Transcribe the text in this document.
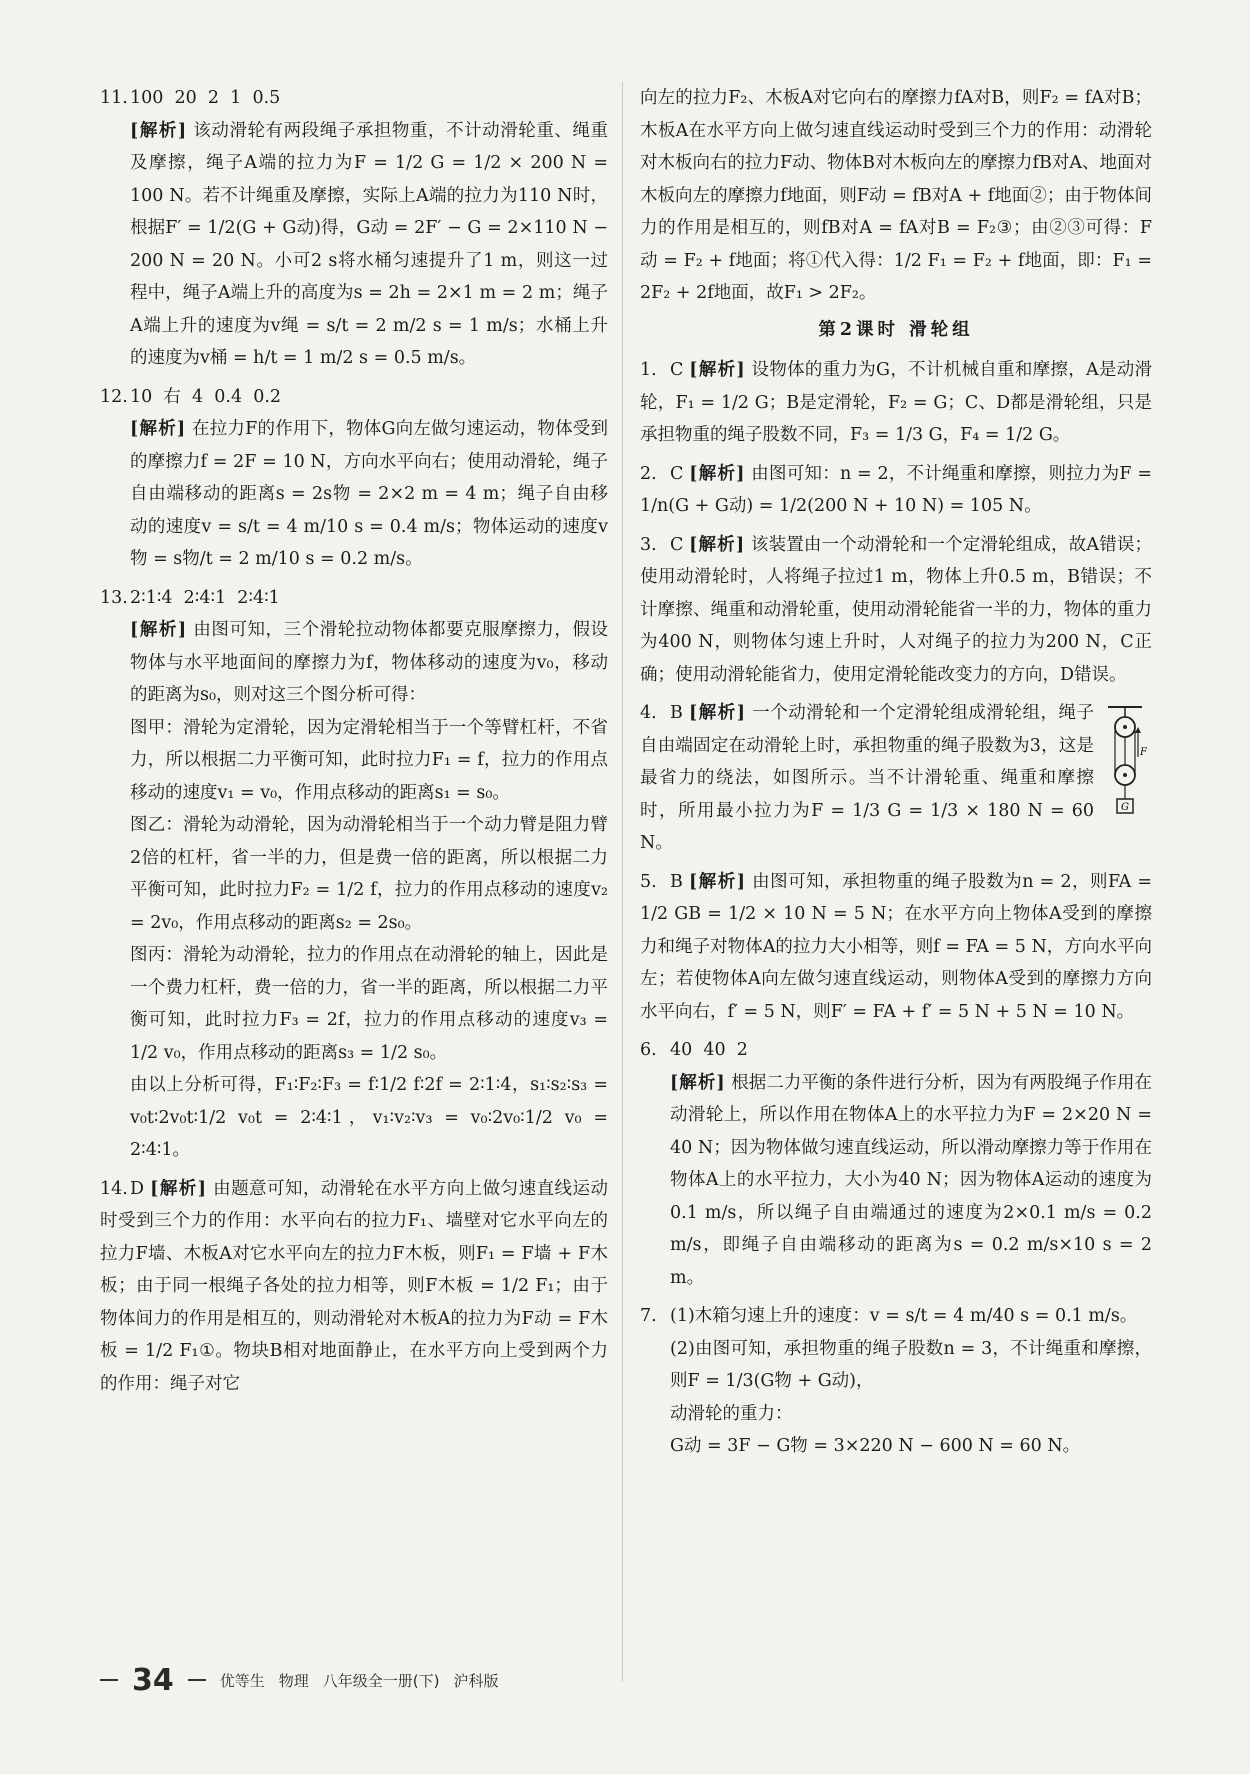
11. 100  20  2  1  0.5
[解析] 该动滑轮有两段绳子承担物重，不计动滑轮重、绳重及摩擦，绳子A端的拉力为F = 1/2 G = 1/2 × 200 N = 100 N。若不计绳重及摩擦，实际上A端的拉力为110 N时，根据F′ = 1/2(G + G动)得，G动 = 2F′ − G = 2×110 N − 200 N = 20 N。小可2 s将水桶匀速提升了1 m，则这一过程中，绳子A端上升的高度为s = 2h = 2×1 m = 2 m；绳子A端上升的速度为v绳 = s/t = 2 m/2 s = 1 m/s；水桶上升的速度为v桶 = h/t = 1 m/2 s = 0.5 m/s。
12. 10  右  4  0.4  0.2
[解析] 在拉力F的作用下，物体G向左做匀速运动，物体受到的摩擦力f = 2F = 10 N，方向水平向右；使用动滑轮，绳子自由端移动的距离s = 2s物 = 2×2 m = 4 m；绳子自由移动的速度v = s/t = 4 m/10 s = 0.4 m/s；物体运动的速度v物 = s物/t = 2 m/10 s = 0.2 m/s。
13. 2∶1∶4  2∶4∶1  2∶4∶1
[解析] 由图可知，三个滑轮拉动物体都要克服摩擦力，假设物体与水平地面间的摩擦力为f，物体移动的速度为v₀，移动的距离为s₀，则对这三个图分析可得：
图甲：滑轮为定滑轮，因为定滑轮相当于一个等臂杠杆，不省力，所以根据二力平衡可知，此时拉力F₁ = f，拉力的作用点移动的速度v₁ = v₀，作用点移动的距离s₁ = s₀。
图乙：滑轮为动滑轮，因为动滑轮相当于一个动力臂是阻力臂2倍的杠杆，省一半的力，但是费一倍的距离，所以根据二力平衡可知，此时拉力F₂ = 1/2 f，拉力的作用点移动的速度v₂ = 2v₀，作用点移动的距离s₂ = 2s₀。
图丙：滑轮为动滑轮，拉力的作用点在动滑轮的轴上，因此是一个费力杠杆，费一倍的力，省一半的距离，所以根据二力平衡可知，此时拉力F₃ = 2f，拉力的作用点移动的速度v₃ = 1/2 v₀，作用点移动的距离s₃ = 1/2 s₀。
由以上分析可得，F₁∶F₂∶F₃ = f∶1/2 f∶2f = 2∶1∶4，s₁∶s₂∶s₃ = v₀t∶2v₀t∶1/2 v₀t = 2∶4∶1，v₁∶v₂∶v₃ = v₀∶2v₀∶1/2 v₀ = 2∶4∶1。
14. D [解析] 由题意可知，动滑轮在水平方向上做匀速直线运动时受到三个力的作用：水平向右的拉力F₁、墙壁对它水平向左的拉力F墙、木板A对它水平向左的拉力F木板，则F₁ = F墙 + F木板；由于同一根绳子各处的拉力相等，则F木板 = 1/2 F₁；由于物体间力的作用是相互的，则动滑轮对木板A的拉力为F动 = F木板 = 1/2 F₁①。物块B相对地面静止，在水平方向上受到两个力的作用：绳子对它
向左的拉力F₂、木板A对它向右的摩擦力fA对B，则F₂ = fA对B；木板A在水平方向上做匀速直线运动时受到三个力的作用：动滑轮对木板向右的拉力F动、物体B对木板向左的摩擦力fB对A、地面对木板向左的摩擦力f地面，则F动 = fB对A + f地面②；由于物体间力的作用是相互的，则fB对A = fA对B = F₂③；由②③可得：F动 = F₂ + f地面；将①代入得：1/2 F₁ = F₂ + f地面，即：F₁ = 2F₂ + 2f地面，故F₁ > 2F₂。
第2课时 滑轮组
1. C [解析] 设物体的重力为G，不计机械自重和摩擦，A是动滑轮，F₁ = 1/2 G；B是定滑轮，F₂ = G；C、D都是滑轮组，只是承担物重的绳子股数不同，F₃ = 1/3 G，F₄ = 1/2 G。
2. C [解析] 由图可知：n = 2，不计绳重和摩擦，则拉力为F = 1/n(G + G动) = 1/2(200 N + 10 N) = 105 N。
3. C [解析] 该装置由一个动滑轮和一个定滑轮组成，故A错误；使用动滑轮时，人将绳子拉过1 m，物体上升0.5 m，B错误；不计摩擦、绳重和动滑轮重，使用动滑轮能省一半的力，物体的重力为400 N，则物体匀速上升时，人对绳子的拉力为200 N，C正确；使用动滑轮能省力，使用定滑轮能改变力的方向，D错误。
F
G
4. B [解析] 一个动滑轮和一个定滑轮组成滑轮组，绳子自由端固定在动滑轮上时，承担物重的绳子股数为3，这是最省力的绕法，如图所示。当不计滑轮重、绳重和摩擦时，所用最小拉力为F = 1/3 G = 1/3 × 180 N = 60 N。
5. B [解析] 由图可知，承担物重的绳子股数为n = 2，则FA = 1/2 GB = 1/2 × 10 N = 5 N；在水平方向上物体A受到的摩擦力和绳子对物体A的拉力大小相等，则f = FA = 5 N，方向水平向左；若使物体A向左做匀速直线运动，则物体A受到的摩擦力方向水平向右，f′ = 5 N，则F′ = FA + f′ = 5 N + 5 N = 10 N。
6. 40  40  2
[解析] 根据二力平衡的条件进行分析，因为有两股绳子作用在动滑轮上，所以作用在物体A上的水平拉力为F = 2×20 N = 40 N；因为物体做匀速直线运动，所以滑动摩擦力等于作用在物体A上的水平拉力，大小为40 N；因为物体A运动的速度为0.1 m/s，所以绳子自由端通过的速度为2×0.1 m/s = 0.2 m/s，即绳子自由端移动的距离为s = 0.2 m/s×10 s = 2 m。
7. (1)木箱匀速上升的速度：v = s/t = 4 m/40 s = 0.1 m/s。
(2)由图可知，承担物重的绳子股数n = 3，不计绳重和摩擦，则F = 1/3(G物 + G动)，
动滑轮的重力：
G动 = 3F − G物 = 3×220 N − 600 N = 60 N。
34	优等生 物理 八年级全一册(下) 沪科版
